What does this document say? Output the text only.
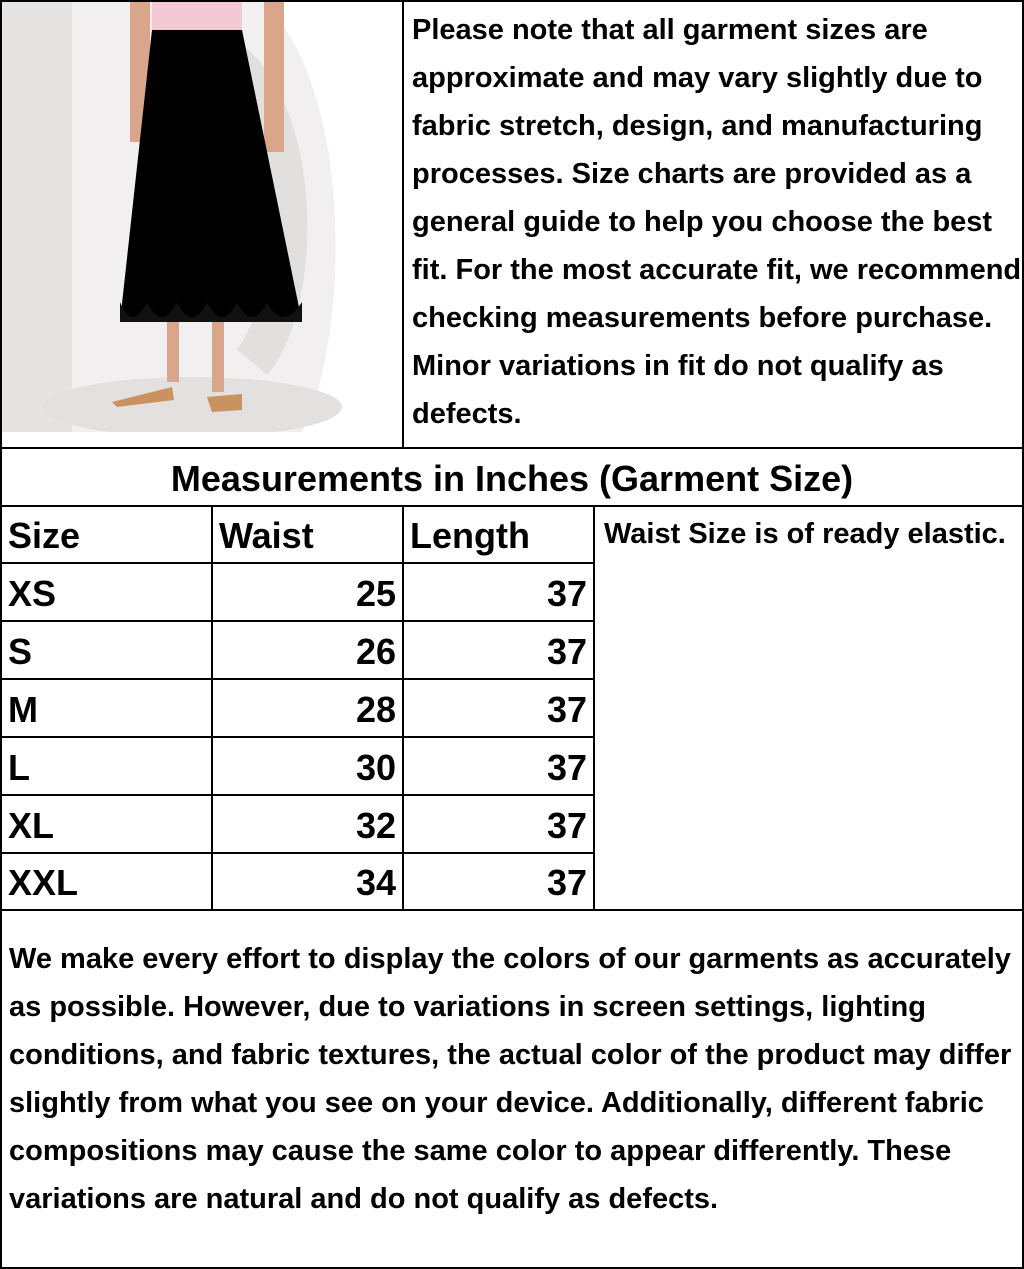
Please note that all garment sizes are approximate and may vary slightly due to fabric stretch, design, and manufacturing processes. Size charts are provided as a general guide to help you choose the best fit. For the most accurate fit, we recommend checking measurements before purchase. Minor variations in fit do not qualify as defects.
Measurements in Inches (Garment Size)
Size	Waist	Length
XS	25	37
S	26	37
M	28	37
L	30	37
XL	32	37
XXL	34	37
Waist Size is of ready elastic.
We make every effort to display the colors of our garments as accurately as possible. However, due to variations in screen settings, lighting conditions, and fabric textures, the actual color of the product may differ slightly from what you see on your device. Additionally, different fabric compositions may cause the same color to appear differently. These variations are natural and do not qualify as defects.
